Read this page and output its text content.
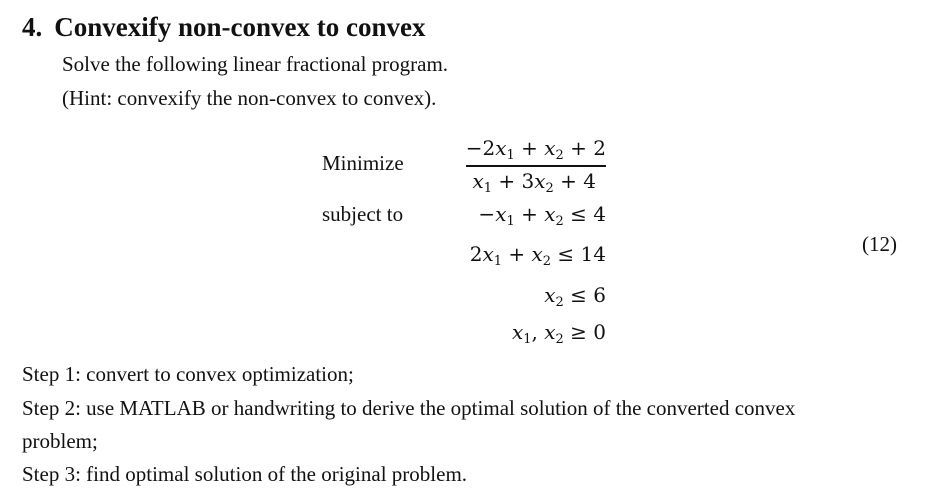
4. Convexify non-convex to convex
Solve the following linear fractional program.
(Hint: convexify the non-convex to convex).
Minimize
subject to
$-2x_1 + x_2 + 2$
$x_1 + 3x_2 + 4$
$-x_1 + x_2 \le 4$
$2x_1 + x_2 \le 14$
$x_2 \le 6$
$x_1$, $x_2 \ge 0$
(12)
Step 1: convert to convex optimization;
Step 2: use MATLAB or handwriting to derive the optimal solution of the converted convex
problem;
Step 3: find optimal solution of the original problem.
